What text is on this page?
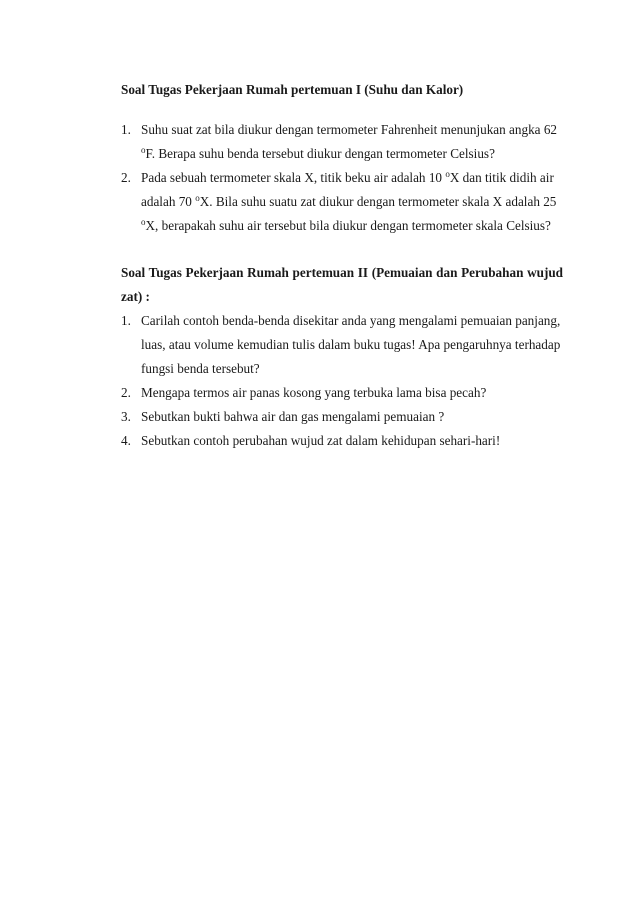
Soal Tugas Pekerjaan Rumah pertemuan I (Suhu dan Kalor)

1. Suhu suat zat bila diukur dengan termometer Fahrenheit menunjukan angka 62
$^o$F. Berapa suhu benda tersebut diukur dengan termometer Celsius?
2. Pada sebuah termometer skala X, titik beku air adalah 10 $^o$X dan titik didih air
adalah 70 $^o$X. Bila suhu suatu zat diukur dengan termometer skala X adalah 25
$^o$X, berapakah suhu air tersebut bila diukur dengan termometer skala Celsius?

Soal Tugas Pekerjaan Rumah pertemuan II (Pemuaian dan Perubahan wujud
zat) :

1. Carilah contoh benda-benda disekitar anda yang mengalami pemuaian panjang,
luas, atau volume kemudian tulis dalam buku tugas! Apa pengaruhnya terhadap
fungsi benda tersebut?
2. Mengapa termos air panas kosong yang terbuka lama bisa pecah?
3. Sebutkan bukti bahwa air dan gas mengalami pemuaian ?
4. Sebutkan contoh perubahan wujud zat dalam kehidupan sehari-hari!
